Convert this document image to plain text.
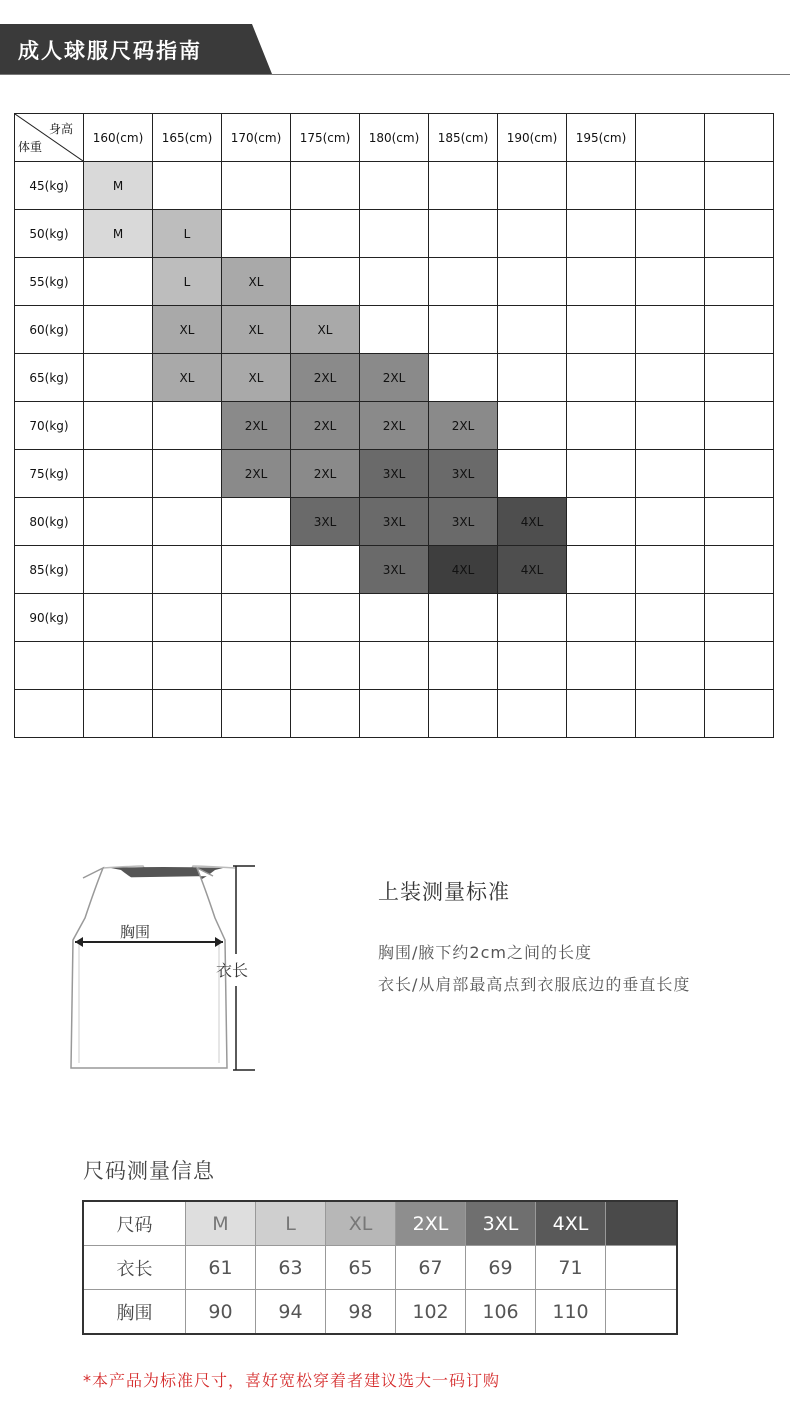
成人球服尺码指南
身高
体重	160(cm)	165(cm)	170(cm)	175(cm)	180(cm)	185(cm)	190(cm)	195(cm)		
45(kg)	M									
50(kg)	M	L								
55(kg)		L	XL							
60(kg)		XL	XL	XL						
65(kg)		XL	XL	2XL	2XL					
70(kg)			2XL	2XL	2XL	2XL				
75(kg)			2XL	2XL	3XL	3XL				
80(kg)				3XL	3XL	3XL	4XL			
85(kg)					3XL	4XL	4XL			
90(kg)										

胸围
衣长
上装测量标准
胸围/腋下约2cm之间的长度
衣长/从肩部最高点到衣服底边的垂直长度
尺码测量信息
尺码	M	L	XL	2XL	3XL	4XL	
衣长	61	63	65	67	69	71	
胸围	90	94	98	102	106	110	
*本产品为标准尺寸，喜好宽松穿着者建议选大一码订购
